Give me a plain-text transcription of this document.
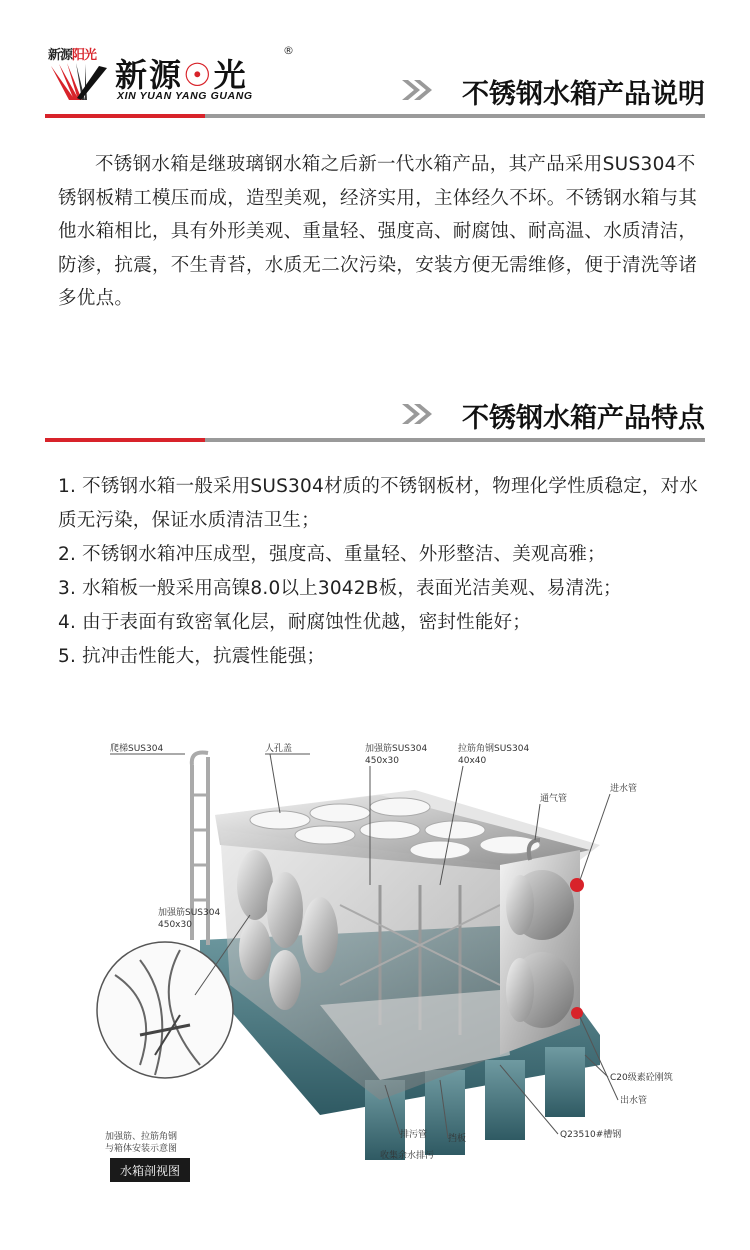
新源阳光
新源☉光
®
XIN YUAN YANG GUANG	不锈钢水箱产品说明
不锈钢水箱是继玻璃钢水箱之后新一代水箱产品，其产品采用SUS304不锈钢板精工模压而成，造型美观，经济实用，主体经久不坏。不锈钢水箱与其他水箱相比，具有外形美观、重量轻、强度高、耐腐蚀、耐高温、水质清洁，防渗，抗震，不生青苔，水质无二次污染，安装方便无需维修，便于清洗等诸多优点。
不锈钢水箱产品特点
1. 不锈钢水箱一般采用SUS304材质的不锈钢板材，物理化学性质稳定，对水质无污染，保证水质清洁卫生；
2. 不锈钢水箱冲压成型，强度高、重量轻、外形整洁、美观高雅；
3. 水箱板一般采用高镍8.0以上3042B板，表面光洁美观、易清洗；
4. 由于表面有致密氧化层，耐腐蚀性优越，密封性能好；
5. 抗冲击性能大，抗震性能强；
爬梯SUS304	人孔盖	加强筋SUS304
450x30
拉筋角钢SUS304
40x40
通气管
进水管
加强筋SUS304
450x30
C20级素砼刚筑
出水管
Q23510#槽钢
排污管 挡板
收集余水排污
加强筋、拉筋角钢
与箱体安装示意图
水箱剖视图
